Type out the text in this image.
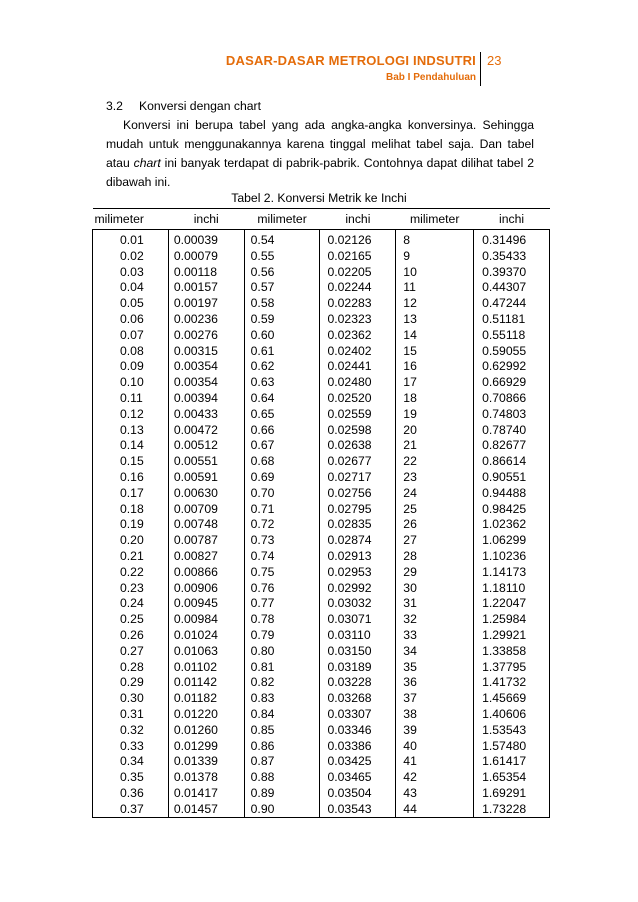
DASAR-DASAR METROLOGI INDSUTRI
Bab I Pendahuluan
23

3.2 Konversi dengan chart

Konversi ini berupa tabel yang ada angka-angka konversinya. Sehingga mudah untuk menggunakannya karena tinggal melihat tabel saja. Dan tabel atau chart ini banyak terdapat di pabrik-pabrik. Contohnya dapat dilihat tabel 2 dibawah ini.

Tabel 2. Konversi Metrik ke Inchi
milimeter	inchi	milimeter	inchi	milimeter	inchi
0.01	0.00039	0.54	0.02126	8	0.31496
0.02	0.00079	0.55	0.02165	9	0.35433
0.03	0.00118	0.56	0.02205	10	0.39370
0.04	0.00157	0.57	0.02244	11	0.44307
0.05	0.00197	0.58	0.02283	12	0.47244
0.06	0.00236	0.59	0.02323	13	0.51181
0.07	0.00276	0.60	0.02362	14	0.55118
0.08	0.00315	0.61	0.02402	15	0.59055
0.09	0.00354	0.62	0.02441	16	0.62992
0.10	0.00354	0.63	0.02480	17	0.66929
0.11	0.00394	0.64	0.02520	18	0.70866
0.12	0.00433	0.65	0.02559	19	0.74803
0.13	0.00472	0.66	0.02598	20	0.78740
0.14	0.00512	0.67	0.02638	21	0.82677
0.15	0.00551	0.68	0.02677	22	0.86614
0.16	0.00591	0.69	0.02717	23	0.90551
0.17	0.00630	0.70	0.02756	24	0.94488
0.18	0.00709	0.71	0.02795	25	0.98425
0.19	0.00748	0.72	0.02835	26	1.02362
0.20	0.00787	0.73	0.02874	27	1.06299
0.21	0.00827	0.74	0.02913	28	1.10236
0.22	0.00866	0.75	0.02953	29	1.14173
0.23	0.00906	0.76	0.02992	30	1.18110
0.24	0.00945	0.77	0.03032	31	1.22047
0.25	0.00984	0.78	0.03071	32	1.25984
0.26	0.01024	0.79	0.03110	33	1.29921
0.27	0.01063	0.80	0.03150	34	1.33858
0.28	0.01102	0.81	0.03189	35	1.37795
0.29	0.01142	0.82	0.03228	36	1.41732
0.30	0.01182	0.83	0.03268	37	1.45669
0.31	0.01220	0.84	0.03307	38	1.40606
0.32	0.01260	0.85	0.03346	39	1.53543
0.33	0.01299	0.86	0.03386	40	1.57480
0.34	0.01339	0.87	0.03425	41	1.61417
0.35	0.01378	0.88	0.03465	42	1.65354
0.36	0.01417	0.89	0.03504	43	1.69291
0.37	0.01457	0.90	0.03543	44	1.73228
